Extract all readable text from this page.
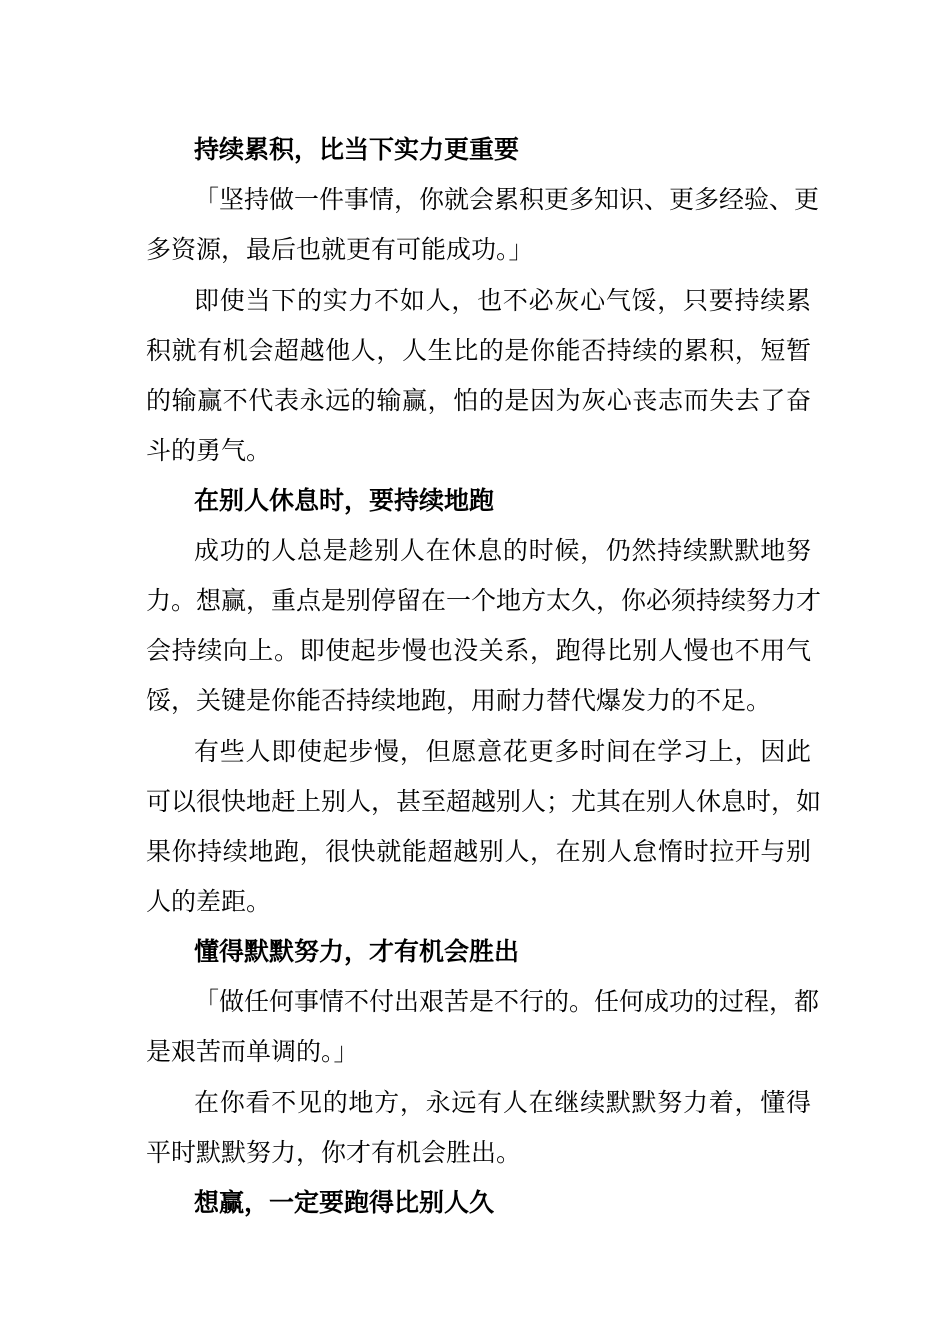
持续累积，比当下实力更重要
「坚持做一件事情，你就会累积更多知识、更多经验、更
多资源，最后也就更有可能成功。」
即使当下的实力不如人，也不必灰心气馁，只要持续累
积就有机会超越他人，人生比的是你能否持续的累积，短暂
的输赢不代表永远的输赢，怕的是因为灰心丧志而失去了奋
斗的勇气。
在别人休息时，要持续地跑
成功的人总是趁别人在休息的时候，仍然持续默默地努
力。想赢，重点是别停留在一个地方太久，你必须持续努力才
会持续向上。即使起步慢也没关系，跑得比别人慢也不用气
馁，关键是你能否持续地跑，用耐力替代爆发力的不足。
有些人即使起步慢，但愿意花更多时间在学习上，因此
可以很快地赶上别人，甚至超越别人；尤其在别人休息时，如
果你持续地跑，很快就能超越别人，在别人怠惰时拉开与别
人的差距。
懂得默默努力，才有机会胜出
「做任何事情不付出艰苦是不行的。任何成功的过程，都
是艰苦而单调的。」
在你看不见的地方，永远有人在继续默默努力着，懂得
平时默默努力，你才有机会胜出。
想赢，一定要跑得比别人久
